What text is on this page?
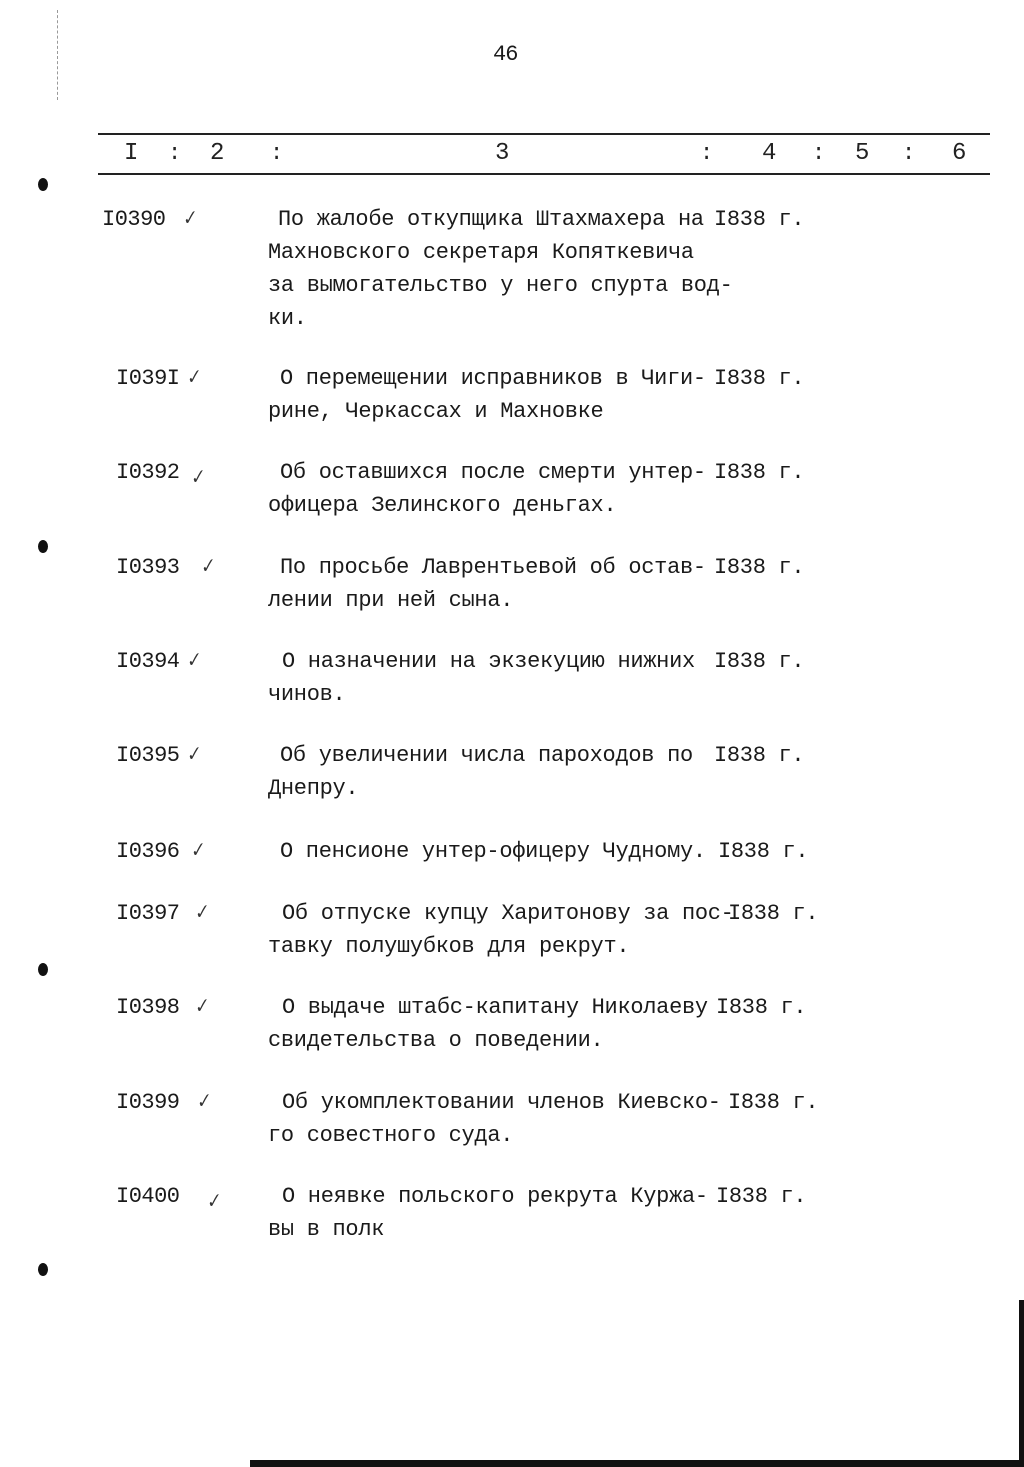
46
I : 2 :	3	: 4 : 5 : 6
I0390 ✓	По жалобе откупщика Штахмахера на
Махновского секретаря Копяткевича
за вымогательство у него спурта вод-
ки.
I838 г.
I039I ✓	О перемещении исправников в Чиги-
рине, Черкассах и Махновке
I838 г.
I0392 ✓	Об оставшихся после смерти унтер-
офицера Зелинского деньгах.
I838 г.
I0393 ✓	По просьбе Лаврентьевой об остав-
лении при ней сына.
I838 г.
I0394 ✓	О назначении на экзекуцию нижних
чинов.
I838 г.
I0395 ✓	Об увеличении числа пароходов по
Днепру.
I838 г.
I0396 ✓	О пенсионе унтер-офицеру Чудному. I838 г.
I0397 ✓	Об отпуске купцу Харитонову за пос-
тавку полушубков для рекрут.
I838 г.
I0398 ✓	О выдаче штабс-капитану Николаеву
свидетельства о поведении.
I838 г.
I0399 ✓	Об укомплектовании членов Киевско-
го совестного суда.
I838 г.
I0400 ✓	О неявке польского рекрута Куржа-
вы в полк
I838 г.
